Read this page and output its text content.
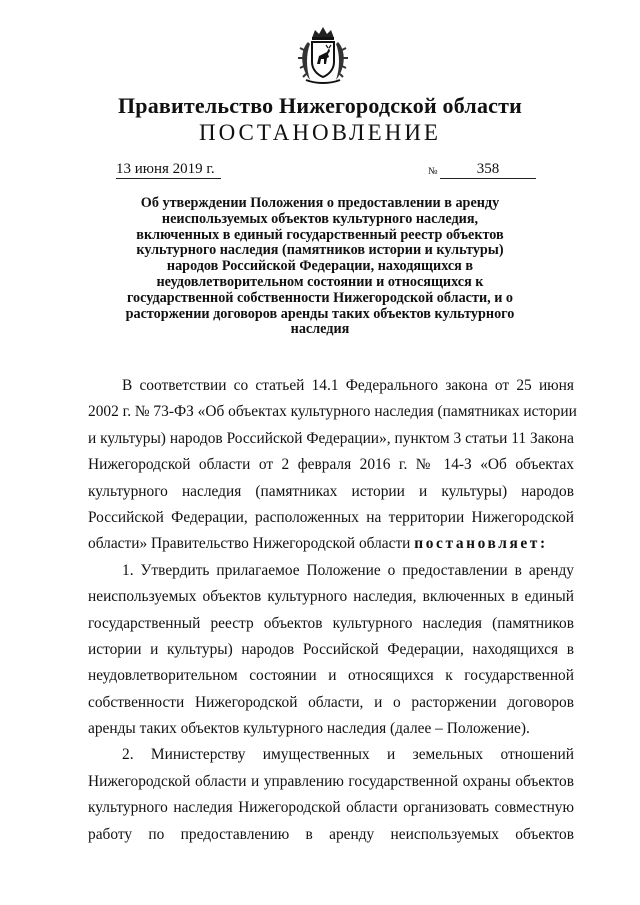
Правительство Нижегородской области
ПОСТАНОВЛЕНИЕ
13 июня 2019 г.	№	358
Об утверждении Положения о предоставлении в аренду
неиспользуемых объектов культурного наследия,
включенных в единый государственный реестр объектов
культурного наследия (памятников истории и культуры)
народов Российской Федерации, находящихся в
неудовлетворительном состоянии и относящихся к
государственной собственности Нижегородской области, и о
расторжении договоров аренды таких объектов культурного
наследия
В соответствии со статьей 14.1 Федерального закона от 25 июня
2002 г. № 73-ФЗ «Об объектах культурного наследия (памятниках истории
и культуры) народов Российской Федерации», пунктом 3 статьи 11 Закона
Нижегородской области от 2 февраля 2016 г. № 14-З «Об объектах
культурного наследия (памятниках истории и культуры) народов
Российской Федерации, расположенных на территории Нижегородской
области» Правительство Нижегородской области постановляет:
1. Утвердить прилагаемое Положение о предоставлении в аренду
неиспользуемых объектов культурного наследия, включенных в единый
государственный реестр объектов культурного наследия (памятников
истории и культуры) народов Российской Федерации, находящихся в
неудовлетворительном состоянии и относящихся к государственной
собственности Нижегородской области, и о расторжении договоров
аренды таких объектов культурного наследия (далее – Положение).
2. Министерству имущественных и земельных отношений
Нижегородской области и управлению государственной охраны объектов
культурного наследия Нижегородской области организовать совместную
работу по предоставлению в аренду неиспользуемых объектов
